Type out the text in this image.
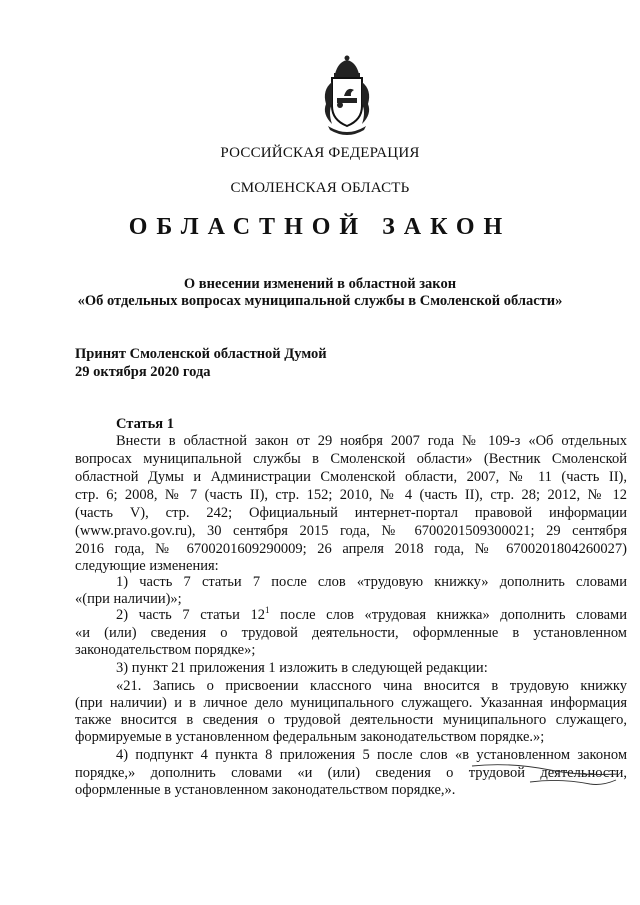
РОССИЙСКАЯ ФЕДЕРАЦИЯ
СМОЛЕНСКАЯ ОБЛАСТЬ
ОБЛАСТНОЙ ЗАКОН
О внесении изменений в областной закон
«Об отдельных вопросах муниципальной службы в Смоленской области»
Принят Смоленской областной Думой
29 октября 2020 года
Статья 1
Внести в областной закон от 29 ноября 2007 года № 109-з «Об отдельных
вопросах муниципальной службы в Смоленской области» (Вестник Смоленской
областной Думы и Администрации Смоленской области, 2007, № 11 (часть II),
стр. 6; 2008, № 7 (часть II), стр. 152; 2010, № 4 (часть II), стр. 28; 2012, № 12
(часть V), стр. 242; Официальный интернет-портал правовой информации
(www.pravo.gov.ru), 30 сентября 2015 года, № 6700201509300021; 29 сентября
2016 года, № 6700201609290009; 26 апреля 2018 года, № 6700201804260027)
следующие изменения:
1) часть 7 статьи 7 после слов «трудовую книжку» дополнить словами
«(при наличии)»;
2) часть 7 статьи $12^1$ после слов «трудовая книжка» дополнить словами
«и (или) сведения о трудовой деятельности, оформленные в установленном
законодательством порядке»;
3) пункт 21 приложения 1 изложить в следующей редакции:
«21. Запись о присвоении классного чина вносится в трудовую книжку
(при наличии) и в личное дело муниципального служащего. Указанная информация
также вносится в сведения о трудовой деятельности муниципального служащего,
формируемые в установленном федеральным законодательством порядке.»;
4) подпункт 4 пункта 8 приложения 5 после слов «в установленном законом
порядке,» дополнить словами «и (или) сведения о трудовой деятельности,
оформленные в установленном законодательством порядке,».
